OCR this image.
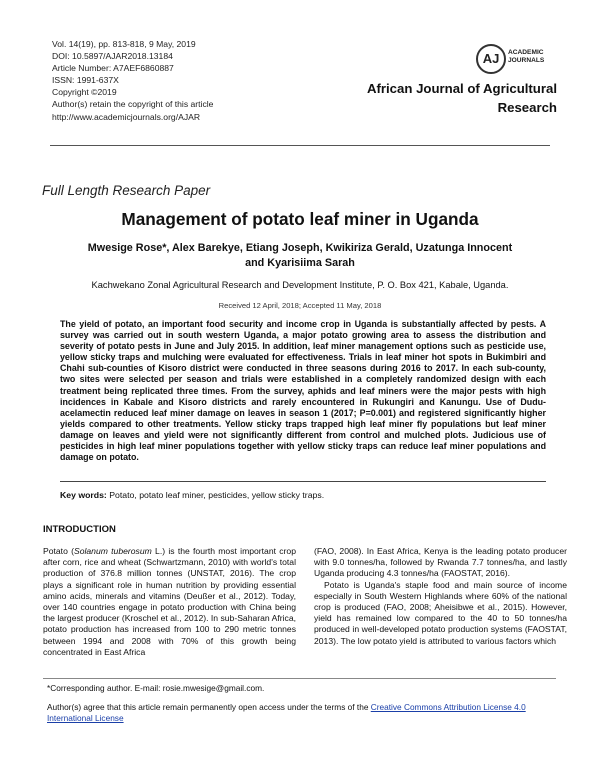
Vol. 14(19), pp. 813-818, 9 May, 2019
DOI: 10.5897/AJAR2018.13184
Article Number: A7AEF6860887
ISSN: 1991-637X
Copyright ©2019
Author(s) retain the copyright of this article
http://www.academicjournals.org/AJAR
AJ	ACADEMIC
JOURNALS
African Journal of Agricultural
Research
Full Length Research Paper
Management of potato leaf miner in Uganda
Mwesige Rose*, Alex Barekye, Etiang Joseph, Kwikiriza Gerald, Uzatunga Innocent
and Kyarisiima Sarah
Kachwekano Zonal Agricultural Research and Development Institute, P. O. Box 421, Kabale, Uganda.
Received 12 April, 2018; Accepted 11 May, 2018
The yield of potato, an important food security and income crop in Uganda is substantially affected by pests. A survey was carried out in south western Uganda, a major potato growing area to assess the distribution and severity of potato pests in June and July 2015. In addition, leaf miner management options such as pesticide use, yellow sticky traps and mulching were evaluated for effectiveness. Trials in leaf miner hot spots in Bukimbiri and Chahi sub-counties of Kisoro district were conducted in three seasons during 2016 to 2017. In each sub-county, two sites were selected per season and trials were established in a completely randomized design with each treatment being replicated three times. From the survey, aphids and leaf miners were the major pests with high incidences in Kabale and Kisoro districts and rarely encountered in Rukungiri and Kanungu. Use of Dudu-acelamectin reduced leaf miner damage on leaves in season 1 (2017; P=0.001) and registered significantly higher yields compared to other treatments. Yellow sticky traps trapped high leaf miner fly populations but leaf miner damage on leaves and yield were not significantly different from control and mulched plots. Judicious use of pesticides in high leaf miner populations together with yellow sticky traps can reduce leaf miner populations and damage on potato.
Key words: Potato, potato leaf miner, pesticides, yellow sticky traps.
INTRODUCTION

Potato (Solanum tuberosum L.) is the fourth most important crop after corn, rice and wheat (Schwartzmann, 2010) with world's total production of 376.8 million tonnes (UNSTAT, 2016). The crop plays a significant role in human nutrition by providing essential amino acids, minerals and vitamins (Deußer et al., 2012). Today, over 140 countries engage in potato production with China being the largest producer (Kroschel et al., 2012). In sub-Saharan Africa, potato production has increased from 100 to 290 metric tonnes between 1994 and 2008 with 70% of this growth being concentrated in East Africa

(FAO, 2008). In East Africa, Kenya is the leading potato producer with 9.0 tonnes/ha, followed by Rwanda 7.7 tonnes/ha, and lastly Uganda producing 4.3 tonnes/ha (FAOSTAT, 2016).

Potato is Uganda's staple food and main source of income especially in South Western Highlands where 60% of the national crop is produced (FAO, 2008; Aheisibwe et al., 2015). However, yield has remained low compared to the 40 to 50 tonnes/ha produced in well-developed potato production systems (FAOSTAT, 2013). The low potato yield is attributed to various factors which

*Corresponding author. E-mail: rosie.mwesige@gmail.com.
Author(s) agree that this article remain permanently open access under the terms of the Creative Commons Attribution License 4.0 International License
